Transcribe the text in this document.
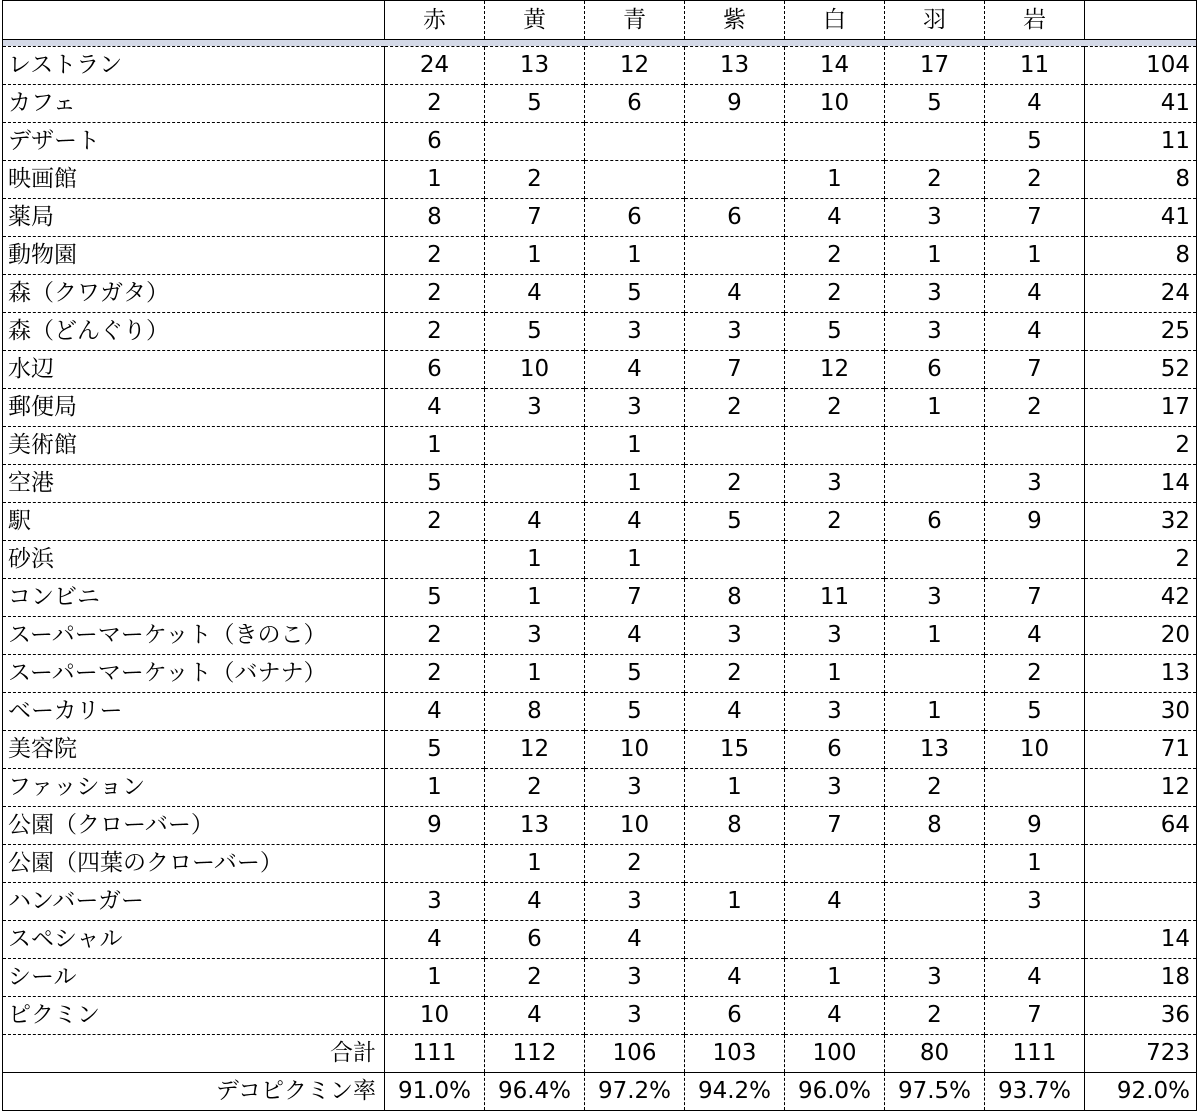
	赤	黄	青	紫	白	羽	岩	

レストラン	24	13	12	13	14	17	11	104
カフェ	2	5	6	9	10	5	4	41
デザート	6						5	11
映画館	1	2			1	2	2	8
薬局	8	7	6	6	4	3	7	41
動物園	2	1	1		2	1	1	8
森（クワガタ）	2	4	5	4	2	3	4	24
森（どんぐり）	2	5	3	3	5	3	4	25
水辺	6	10	4	7	12	6	7	52
郵便局	4	3	3	2	2	1	2	17
美術館	1		1					2
空港	5		1	2	3		3	14
駅	2	4	4	5	2	6	9	32
砂浜		1	1					2
コンビニ	5	1	7	8	11	3	7	42
スーパーマーケット（きのこ）	2	3	4	3	3	1	4	20
スーパーマーケット（バナナ）	2	1	5	2	1		2	13
ベーカリー	4	8	5	4	3	1	5	30
美容院	5	12	10	15	6	13	10	71
ファッション	1	2	3	1	3	2		12
公園（クローバー）	9	13	10	8	7	8	9	64
公園（四葉のクローバー）		1	2				1	
ハンバーガー	3	4	3	1	4		3	
スペシャル	4	6	4					14
シール	1	2	3	4	1	3	4	18
ピクミン	10	4	3	6	4	2	7	36
合計	111	112	106	103	100	80	111	723
デコピクミン率	91.0%	96.4%	97.2%	94.2%	96.0%	97.5%	93.7%	92.0%
